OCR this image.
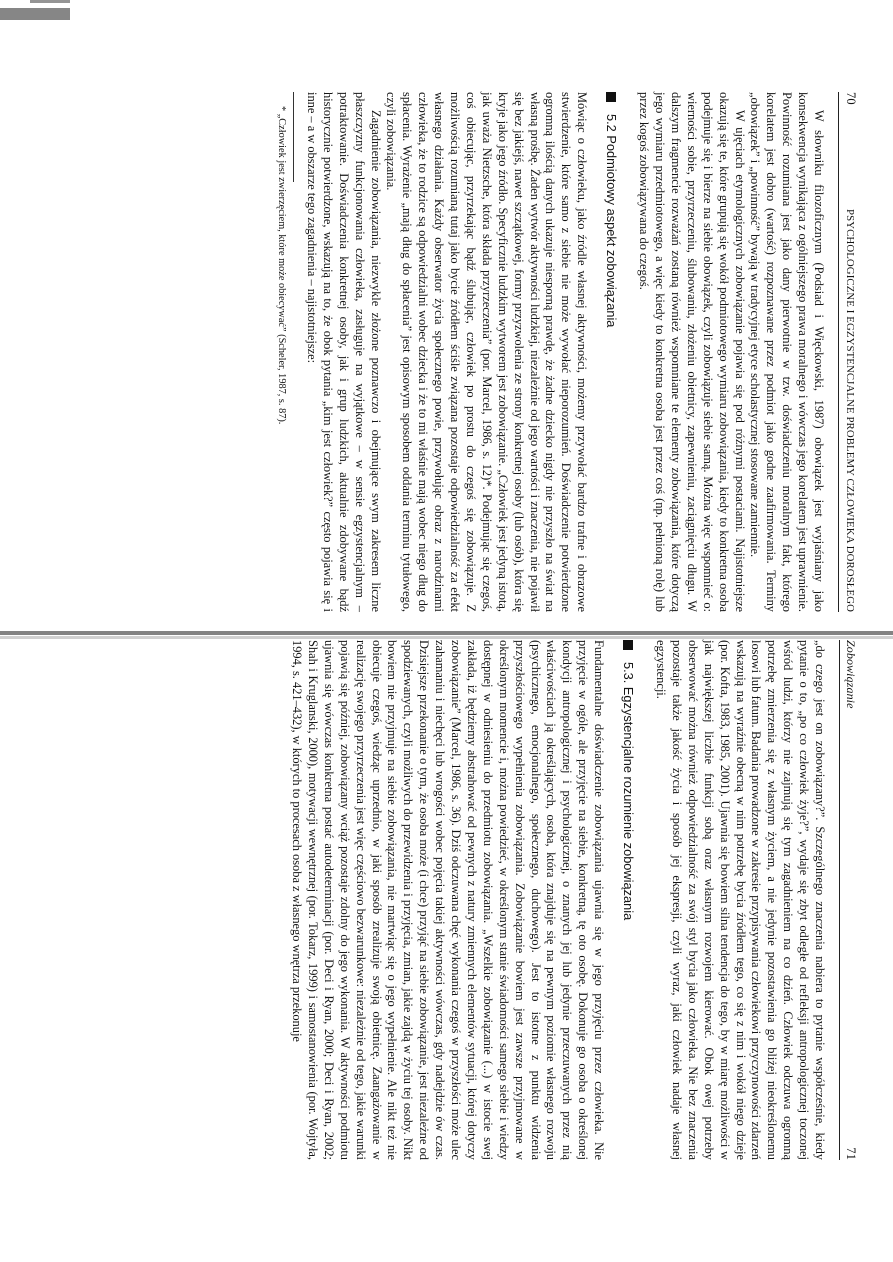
70
PSYCHOLOGICZNE I EGZYSTENCJALNE PROBLEMY CZŁOWIEKA DOROSŁEGO

W słowniku filozoficznym (Podsiad i Więckowski, 1987) obowiązek jest wyjaśniany jako konsekwencja wynikająca z ogólniejszego prawa moralnego i wówczas jego korelatem jest uprawnienie. Powinność rozumiana jest jako dany pierwotnie w tzw. doświadczeniu moralnym fakt, którego korelatem jest dobro (wartość) rozpoznawane przez podmiot jako godne zaafirmowania. Terminy „obowiązek” i „powinność” bywają w tradycyjnej etyce scholastycznej stosowane zamiennie.

W ujęciach etymologicznych zobowiązanie pojawia się pod różnymi postaciami. Najistotniejsze okazują się te, które grupują się wokół podmiotowego wymiaru zobowiązania, kiedy to konkretna osoba podejmuje się i bierze na siebie obowiązek, czyli zobowiązuje siebie samą. Można więc wspomnieć o: wierności sobie, przyrzeczeniu, ślubowaniu, złożeniu obietnicy, zapewnieniu, zaciągnięciu długu. W dalszym fragmencie rozważań zostaną również wspomniane te elementy zobowiązania, które dotyczą jego wymiaru przedmiotowego, a więc kiedy to konkretna osoba jest przez coś (np. pełnioną rolę) lub przez kogoś zobowiązywana do czegoś.

5.2 Podmiotowy aspekt zobowiązania

Mówiąc o człowieku, jako źródle własnej aktywności, możemy przywołać bardzo trafne i obrazowe stwierdzenie, które samo z siebie nie może wywołać nieporozumień. Doświadczenie potwierdzone ogromną ilością danych ukazuje niesporną prawdę, że żadne dziecko nigdy nie przyszło na świat na własną prośbę. Żaden wytwór aktywności ludzkiej, niezależnie od jego wartości i znaczenia, nie pojawił się bez jakiejś, nawet szczątkowej, formy przyzwolenia ze strony konkretnej osoby (lub osób), która się kryje jako jego źródło. Specyficznie ludzkim wytworem jest zobowiązanie. „Człowiek jest jedyną istotą, jak uważa Nietzsche, która składa przyrzeczenia” (por. Marcel, 1986, s. 12)*. Podejmując się czegoś, coś obiecując, przyrzekając bądź ślubując, człowiek po prostu do czegoś się zobowiązuje. Z możliwością rozumianą tutaj jako bycie źródłem ściśle związana pozostaje odpowiedzialność za efekt własnego działania. Każdy obserwator życia społecznego powie, przywołując obraz z narodzinami człowieka, że to rodzice są odpowiedzialni wobec dziecka i że to mi właśnie mają wobec niego dług do spłacenia. Wyrażenie „mają dług do spłacenia” jest opisowym sposobem oddania terminu tytułowego, czyli zobowiązania.

Zagadnienie zobowiązania, niezwykle złożone poznawczo i obejmujące swym zakresem liczne płaszczyzny funkcjonowania człowieka, zasługuje na wyjątkowe – w sensie egzystencjalnym – potraktowanie. Doświadczenia konkretnej osoby, jak i grup ludzkich, aktualnie zdobywane bądź historycznie potwierdzone, wskazują na to, że obok pytania „kim jest człowiek?” często pojawia się i inne – a w obszarze tego zagadnienia – najistotniejsze:

* „Człowiek jest zwierzęciem, które może obiecywać” (Scheler, 1987, s. 87).

Zobowiązanie
71

„do czego jest on zobowiązany?”. Szczególnego znaczenia nabiera to pytanie współcześnie, kiedy pytanie o to, „po co człowiek żyje?”, wydaje się zbyt odległe od refleksji antropologicznej toczonej wśród ludzi, którzy nie zajmują się tym zagadnieniem na co dzień. Człowiek odczuwa ogromną potrzebę zmierzenia się z własnym życiem, a nie jedynie pozostawienia go bliżej nieokreślonemu losowi lub fatum. Badania prowadzone w zakresie przypisywania człowiekowi przyczynowości zdarzeń wskazują na wyraźnie obecną w nim potrzebę bycia źródłem tego, co się z nim i wokół niego dzieje (por. Kofta, 1983, 1985, 2001). Ujawnia się bowiem silna tendencja do tego, by w miarę możliwości w jak największej liczbie funkcji sobą oraz własnym rozwojem kierować. Obok owej potrzeby obserwować można również odpowiedzialność za swój styl bycia jako człowieka. Nie bez znaczenia pozostaje także jakość życia i sposób jej ekspresji, czyli wyraz, jaki człowiek nadaje własnej egzystencji.

5.3. Egzystencjalne rozumienie zobowiązania

Fundamentalne doświadczenie zobowiązania ujawnia się w jego przyjęciu przez człowieka. Nie przyjęcie w ogóle, ale przyjęcie na siebie, konkretną, tę oto osobę. Dokonuje go osoba o określonej kondycji antropologicznej i psychologicznej, o znanych jej lub jedynie przeczuwanych przez nią właściwościach ją określających, osoba, która znajduje się na pewnym poziomie własnego rozwoju (psychicznego, emocjonalnego, społecznego, duchowego). Jest to istotne z punktu widzenia przyszłościowego wypełnienia zobowiązania. Zobowiązanie bowiem jest zawsze przyjmowane w określonym momencie i, można powiedzieć, w określonym stanie świadomości samego siebie i wiedzy dostępnej w odniesieniu do przedmiotu zobowiązania. „Wszelkie zobowiązanie (...) w istocie swej zakłada, iż będziemy abstrahować od pewnych z natury zmiennych elementów sytuacji, której dotyczy zobowiązanie” (Marcel, 1986, s. 36). Dziś odczuwana chęć wykonania czegoś w przyszłości może ulec zahamaniu i niechęci lub wrogości wobec pojęcia takiej aktywności wówczas, gdy nadejdzie ów czas. Dzisiejsze przekonanie o tym, że osoba może (i chce) przyjąć na siebie zobowiązanie, jest niezależne od spodziewanych, czyli możliwych do przewidzenia i przyjęcia, zmian, jakie zajdą w życiu tej osoby. Nikt bowiem nie przyjmuje na siebie zobowiązania, nie martwiąc się o jego wypełnienie. Ale nikt też nie obiecuje czegoś, wiedząc uprzednio, w jaki sposób zrealizuje swoją obietnicę. Zaangażowanie w realizację swojego przyrzeczenia jest więc częściowo bezwarunkowe: niezależnie od tego, jakie warunki pojawią się później, zobowiązany wciąż pozostaje zdolny do jego wykonania. W aktywności podmiotu ujawnia się wówczas konkretna postać autodeterminacji (por. Deci i Ryan, 2000; Deci i Ryan, 2002; Shah i Kruglanski, 2000), motywacji wewnętrznej (por. Tokarz, 1999) i samostanowienia (por. Wojtyła, 1994, s. 421–432), w których to procesach osoba z własnego wnętrza przekonuje
